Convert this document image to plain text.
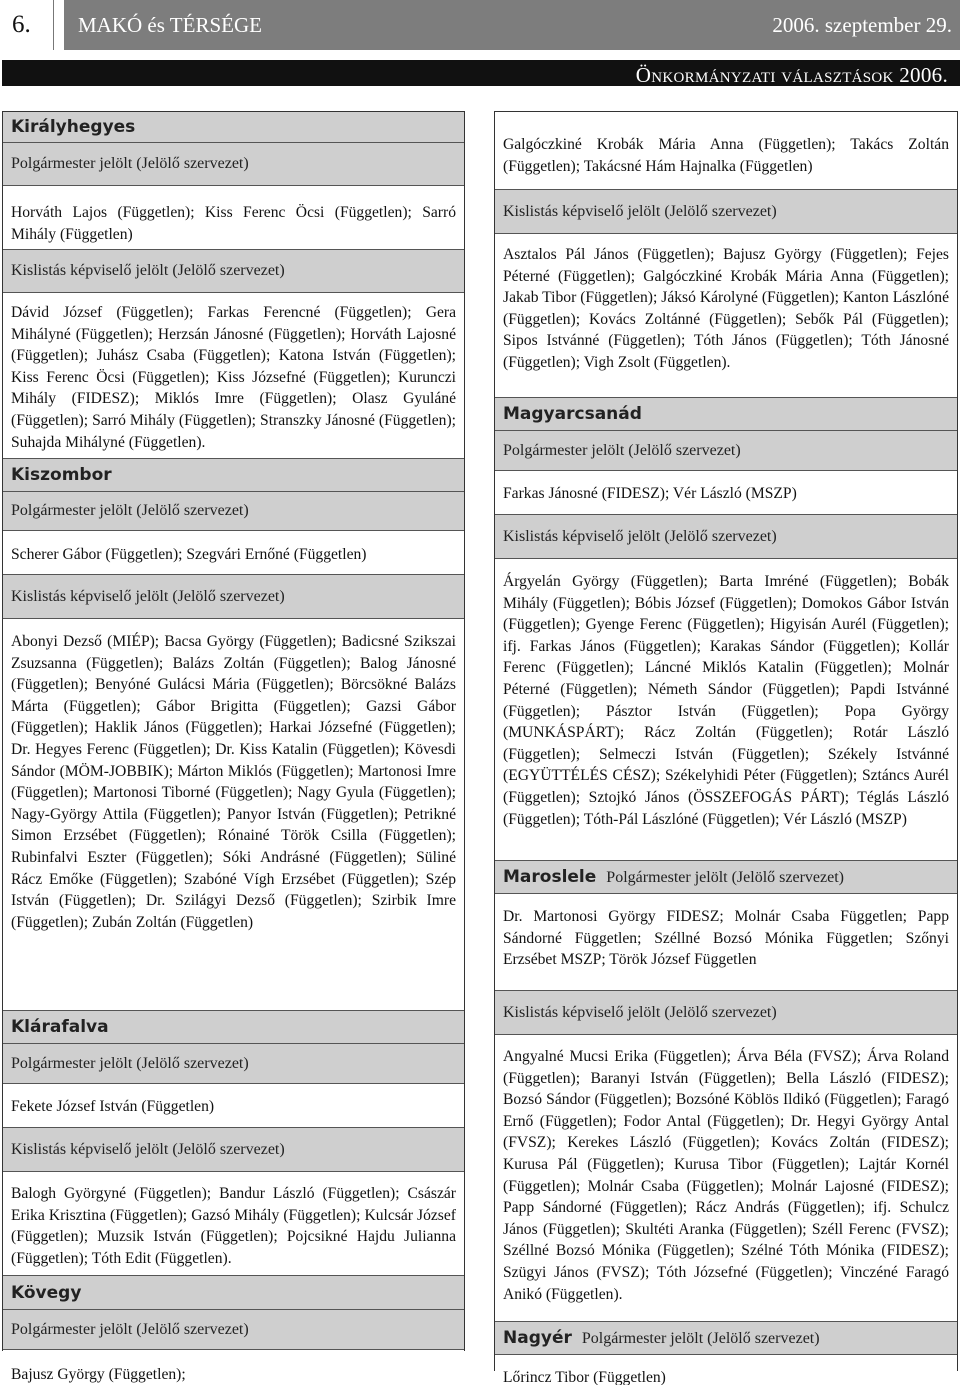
6.	MAKÓ és TÉRSÉGE	2006. szeptember 29.
Önkormányzati választások 2006.
Királyhegyes
Polgármester jelölt (Jelölő szervezet)

Horváth Lajos (Független); Kiss Ferenc Öcsi (Független); Sarró Mihály (Független)

Kislistás képviselő jelölt (Jelölő szervezet)

Dávid József (Független); Farkas Ferencné (Független); Gera Mihályné (Független); Herzsán Jánosné (Független); Horváth Lajosné (Független); Juhász Csaba (Független); Katona István (Független); Kiss Ferenc Öcsi (Független); Kiss Józsefné (Független); Kurunczi Mihály (FIDESZ); Miklós Imre (Független); Olasz Gyuláné (Független); Sarró Mihály (Független); Stranszky Jánosné (Független); Suhajda Mihályné (Független).

Kiszombor
Polgármester jelölt (Jelölő szervezet)

Scherer Gábor (Független); Szegvári Ernőné (Független)

Kislistás képviselő jelölt (Jelölő szervezet)

Abonyi Dezső (MIÉP); Bacsa György (Független); Badicsné Szikszai Zsuzsanna (Független); Balázs Zoltán (Független); Balog Jánosné (Független); Benyóné Gulácsi Mária (Független); Börcsökné Balázs Márta (Független); Gábor Brigitta (Független); Gazsi Gábor (Független); Haklik János (Független); Harkai Józsefné (Független); Dr. Hegyes Ferenc (Független); Dr. Kiss Katalin (Független); Kövesdi Sándor (MÖM-JOBBIK); Márton Miklós (Független); Martonosi Imre (Független); Martonosi Tiborné (Független); Nagy Gyula (Független); Nagy-György Attila (Független); Panyor István (Független); Petrikné Simon Erzsébet (Független); Rónainé Török Csilla (Független); Rubinfalvi Eszter (Független); Sóki Andrásné (Független); Süliné Rácz Emőke (Független); Szabóné Vígh Erzsébet (Független); Szép István (Független); Dr. Szilágyi Dezső (Független); Szirbik Imre (Független); Zubán Zoltán (Független)

Klárafalva
Polgármester jelölt (Jelölő szervezet)

Fekete József István (Független)

Kislistás képviselő jelölt (Jelölő szervezet)

Balogh Györgyné (Független); Bandur László (Független); Császár Erika Krisztina (Független); Gazsó Mihály (Független); Kulcsár József (Független); Muzsik István (Független); Pojcsikné Hajdu Julianna (Független); Tóth Edit (Független).

Kövegy
Polgármester jelölt (Jelölő szervezet)

Bajusz György (Független);

Galgóczkiné Krobák Mária Anna (Független); Takács Zoltán (Független); Takácsné Hám Hajnalka (Független)

Kislistás képviselő jelölt (Jelölő szervezet)

Asztalos Pál János (Független); Bajusz György (Független); Fejes Péterné (Független); Galgóczkiné Krobák Mária Anna (Független); Jakab Tibor (Független); Jáksó Károlyné (Független); Kanton Lászlóné (Független); Kovács Zoltánné (Független); Sebők Pál (Független); Sipos Istvánné (Független); Tóth János (Független); Tóth Jánosné (Független); Vigh Zsolt (Független).

Magyarcsanád
Polgármester jelölt (Jelölő szervezet)

Farkas Jánosné (FIDESZ); Vér László (MSZP)

Kislistás képviselő jelölt (Jelölő szervezet)

Árgyelán György (Független); Barta Imréné (Független); Bobák Mihály (Független); Bóbis József (Független); Domokos Gábor István (Független); Gyenge Ferenc (Független); Higyisán Aurél (Független); ifj. Farkas János (Független); Karakas Sándor (Független); Kollár Ferenc (Független); Láncné Miklós Katalin (Független); Molnár Péterné (Független); Németh Sándor (Független); Papdi Istvánné (Független); Pásztor István (Független); Popa György (MUNKÁSPÁRT); Rácz Zoltán (Független); Rotár László (Független); Selmeczi István (Független); Székely Istvánné (EGYÜTTÉLÉS CÉSZ); Székelyhidi Péter (Független); Sztáncs Aurél (Független); Sztojkó János (ÖSSZEFOGÁS PÁRT); Téglás László (Független); Tóth-Pál Lászlóné (Független); Vér László (MSZP)

Maroslele Polgármester jelölt (Jelölő szervezet)

Dr. Martonosi György FIDESZ; Molnár Csaba Független; Papp Sándorné Független; Széllné Bozsó Mónika Független; Szőnyi Erzsébet MSZP; Török József Független

Kislistás képviselő jelölt (Jelölő szervezet)

Angyalné Mucsi Erika (Független); Árva Béla (FVSZ); Árva Roland (Független); Baranyi István (Független); Bella László (FIDESZ); Bozsó Sándor (Független); Bozsóné Köblös Ildikó (Független); Faragó Ernő (Független); Fodor Antal (Független); Dr. Hegyi György Antal (FVSZ); Kerekes László (Független); Kovács Zoltán (FIDESZ); Kurusa Pál (Független); Kurusa Tibor (Független); Lajtár Kornél (Független); Molnár Csaba (Független); Molnár Lajosné (FIDESZ); Papp Sándorné (Független); Rácz András (Független); ifj. Schulcz János (Független); Skultéti Aranka (Független); Széll Ferenc (FVSZ); Széllné Bozsó Mónika (Független); Szélné Tóth Mónika (FIDESZ); Szügyi János (FVSZ); Tóth Józsefné (Független); Vinczéné Faragó Anikó (Független).

Nagyér Polgármester jelölt (Jelölő szervezet)

Lőrincz Tibor (Független)
